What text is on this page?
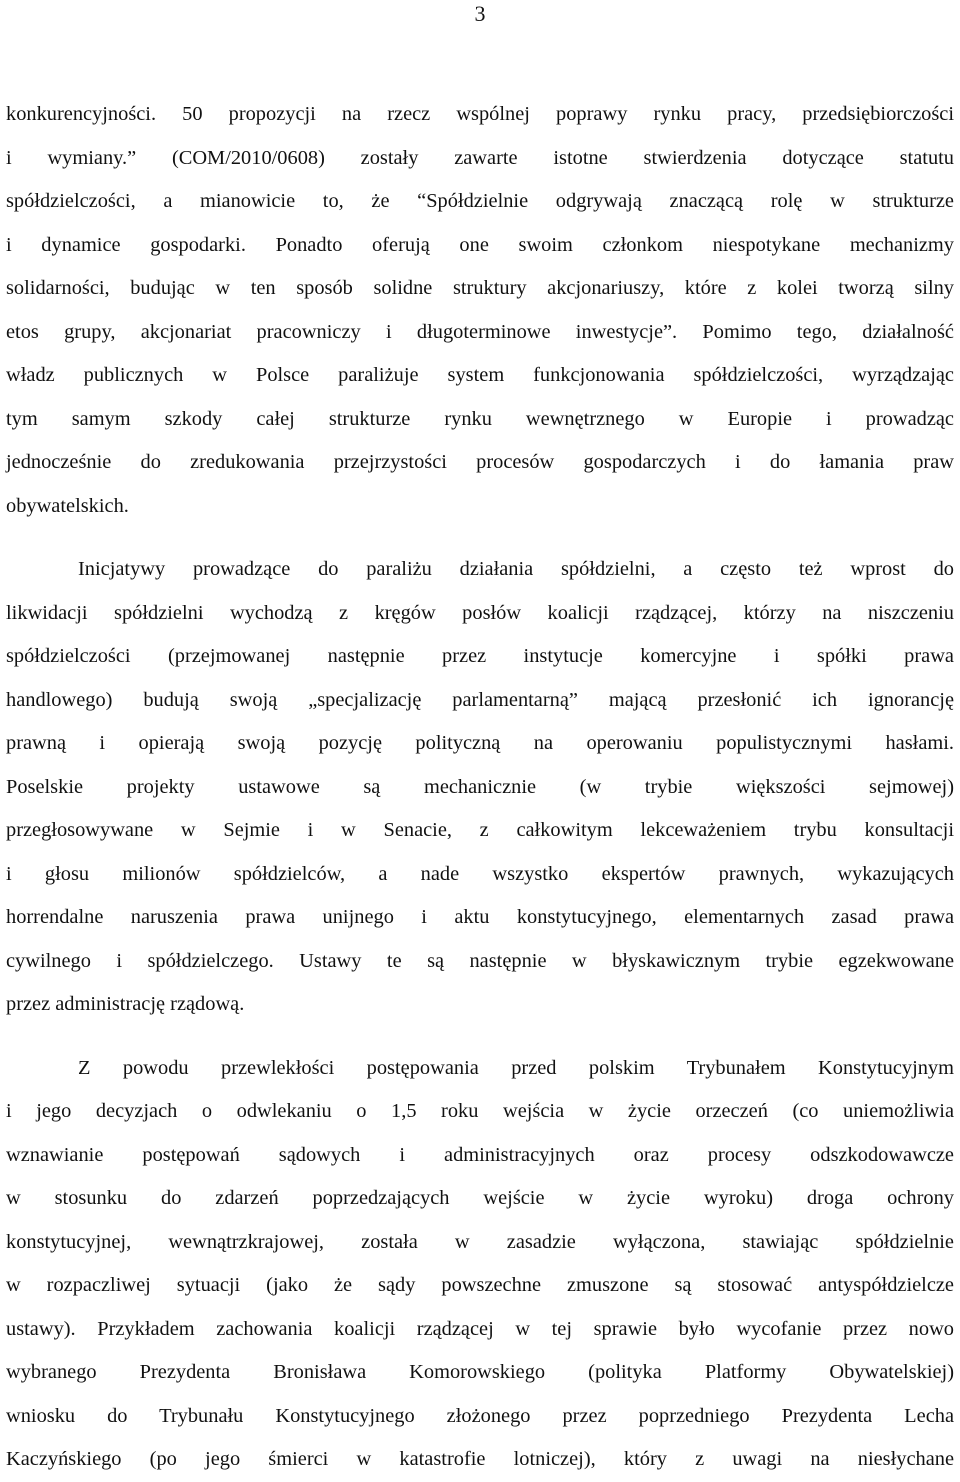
3

konkurencyjności. 50 propozycji na rzecz wspólnej poprawy rynku pracy, przedsiębiorczości
i wymiany.” (COM/2010/0608) zostały zawarte istotne stwierdzenia dotyczące statutu
spółdzielczości, a mianowicie to, że “Spółdzielnie odgrywają znaczącą rolę w strukturze
i dynamice gospodarki. Ponadto oferują one swoim członkom niespotykane mechanizmy
solidarności, budując w ten sposób solidne struktury akcjonariuszy, które z kolei tworzą silny
etos grupy, akcjonariat pracowniczy i długoterminowe inwestycje”. Pomimo tego, działalność
władz publicznych w Polsce paraliżuje system funkcjonowania spółdzielczości, wyrządzając
tym samym szkody całej strukturze rynku wewnętrznego w Europie i prowadząc
jednocześnie do zredukowania przejrzystości procesów gospodarczych i do łamania praw
obywatelskich.

Inicjatywy prowadzące do paraliżu działania spółdzielni, a często też wprost do
likwidacji spółdzielni wychodzą z kręgów posłów koalicji rządzącej, którzy na niszczeniu
spółdzielczości (przejmowanej następnie przez instytucje komercyjne i spółki prawa
handlowego) budują swoją „specjalizację parlamentarną” mającą przesłonić ich ignorancję
prawną i opierają swoją pozycję polityczną na operowaniu populistycznymi hasłami.
Poselskie projekty ustawowe są mechanicznie (w trybie większości sejmowej)
przegłosowywane w Sejmie i w Senacie, z całkowitym lekceważeniem trybu konsultacji
i głosu milionów spółdzielców, a nade wszystko ekspertów prawnych, wykazujących
horrendalne naruszenia prawa unijnego i aktu konstytucyjnego, elementarnych zasad prawa
cywilnego i spółdzielczego. Ustawy te są następnie w błyskawicznym trybie egzekwowane
przez administrację rządową.

Z powodu przewlekłości postępowania przed polskim Trybunałem Konstytucyjnym
i jego decyzjach o odwlekaniu o 1,5 roku wejścia w życie orzeczeń (co uniemożliwia
wznawianie postępowań sądowych i administracyjnych oraz procesy odszkodowawcze
w stosunku do zdarzeń poprzedzających wejście w życie wyroku) droga ochrony
konstytucyjnej, wewnątrzkrajowej, została w zasadzie wyłączona, stawiając spółdzielnie
w rozpaczliwej sytuacji (jako że sądy powszechne zmuszone są stosować antyspółdzielcze
ustawy). Przykładem zachowania koalicji rządzącej w tej sprawie było wycofanie przez nowo
wybranego Prezydenta Bronisława Komorowskiego (polityka Platformy Obywatelskiej)
wniosku do Trybunału Konstytucyjnego złożonego przez poprzedniego Prezydenta Lecha
Kaczyńskiego (po jego śmierci w katastrofie lotniczej), który z uwagi na niesłychane
